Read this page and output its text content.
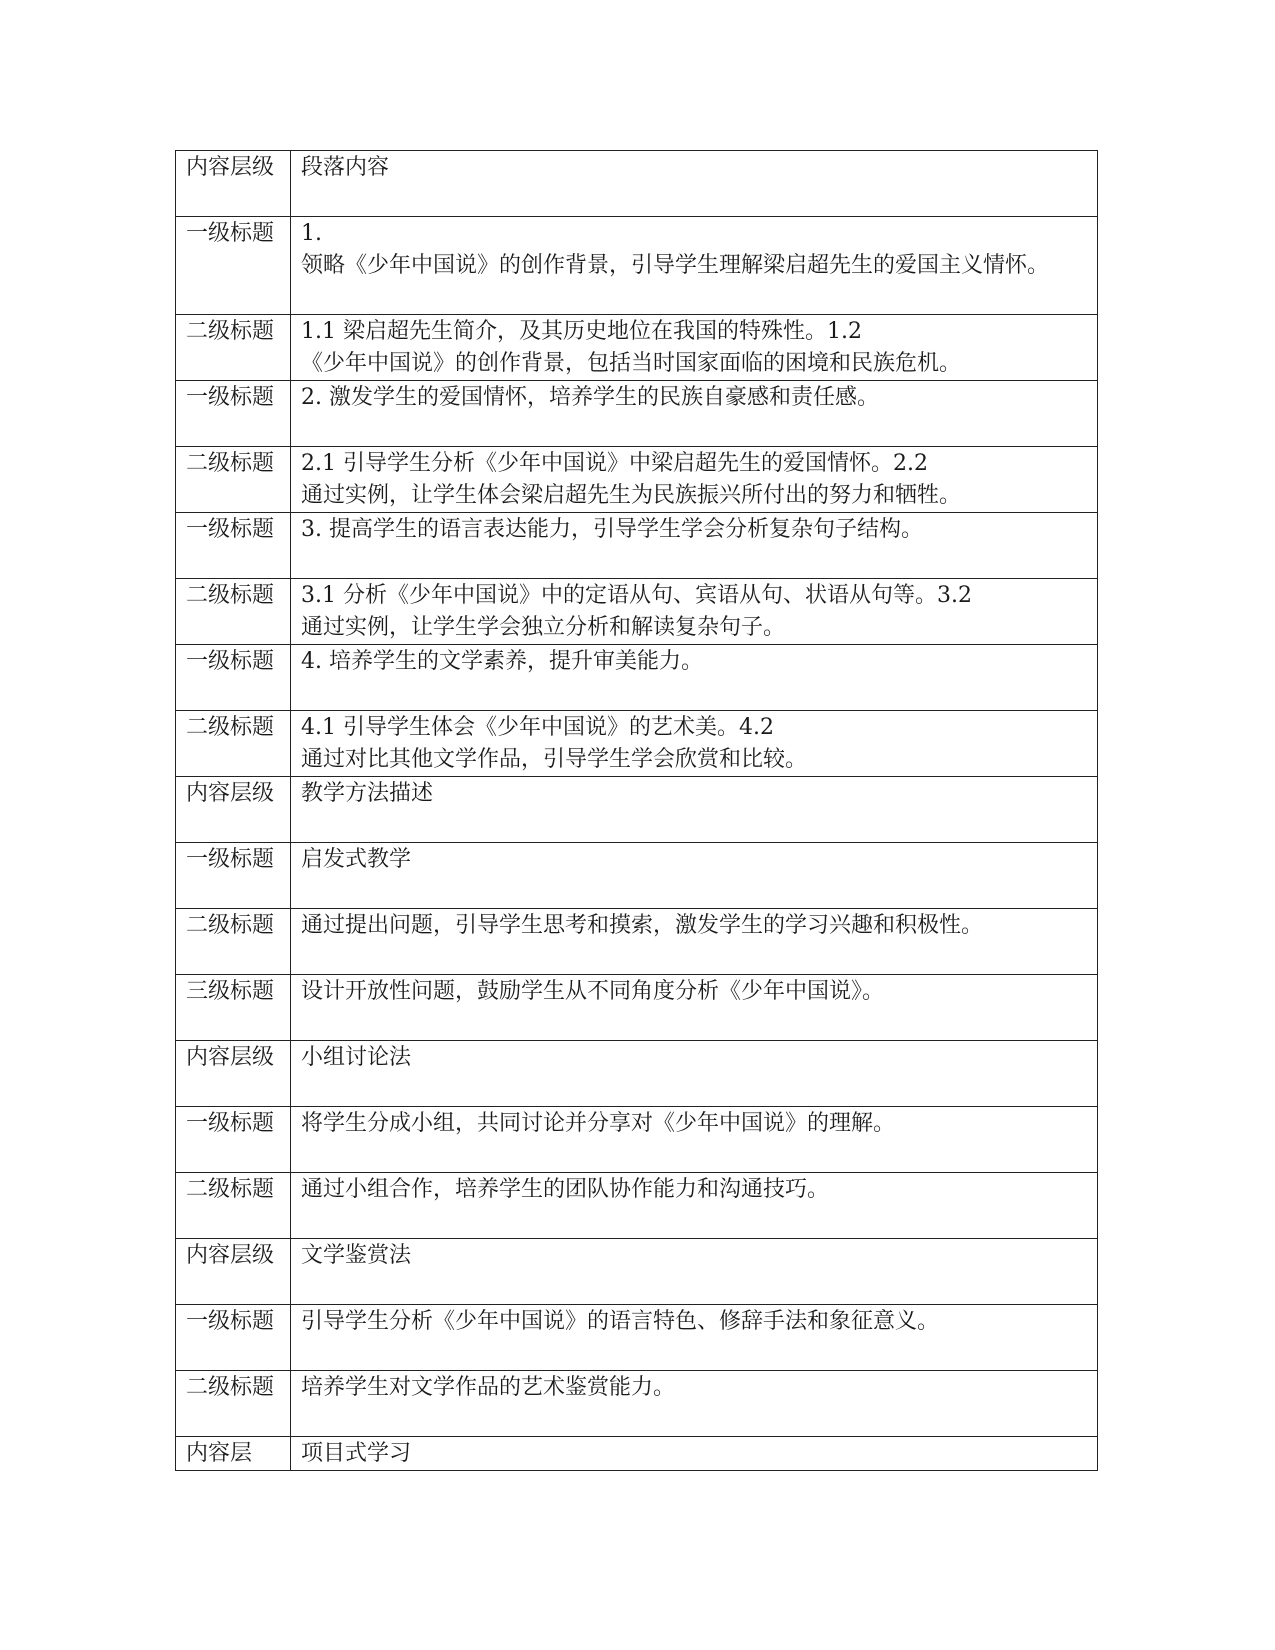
内容层级	段落内容

一级标题	1.
领略《少年中国说》的创作背景，引导学生理解梁启超先生的爱国主义情怀。

二级标题	1.1 梁启超先生简介，及其历史地位在我国的特殊性。1.2
《少年中国说》的创作背景，包括当时国家面临的困境和民族危机。

一级标题	2. 激发学生的爱国情怀，培养学生的民族自豪感和责任感。

二级标题	2.1 引导学生分析《少年中国说》中梁启超先生的爱国情怀。2.2
通过实例，让学生体会梁启超先生为民族振兴所付出的努力和牺牲。

一级标题	3. 提高学生的语言表达能力，引导学生学会分析复杂句子结构。

二级标题	3.1 分析《少年中国说》中的定语从句、宾语从句、状语从句等。3.2
通过实例，让学生学会独立分析和解读复杂句子。

一级标题	4. 培养学生的文学素养，提升审美能力。

二级标题	4.1 引导学生体会《少年中国说》的艺术美。4.2
通过对比其他文学作品，引导学生学会欣赏和比较。

内容层级	教学方法描述

一级标题	启发式教学

二级标题	通过提出问题，引导学生思考和摸索，激发学生的学习兴趣和积极性。

三级标题	设计开放性问题，鼓励学生从不同角度分析《少年中国说》。

内容层级	小组讨论法

一级标题	将学生分成小组，共同讨论并分享对《少年中国说》的理解。

二级标题	通过小组合作，培养学生的团队协作能力和沟通技巧。

内容层级	文学鉴赏法

一级标题	引导学生分析《少年中国说》的语言特色、修辞手法和象征意义。

二级标题	培养学生对文学作品的艺术鉴赏能力。

内容层	项目式学习
